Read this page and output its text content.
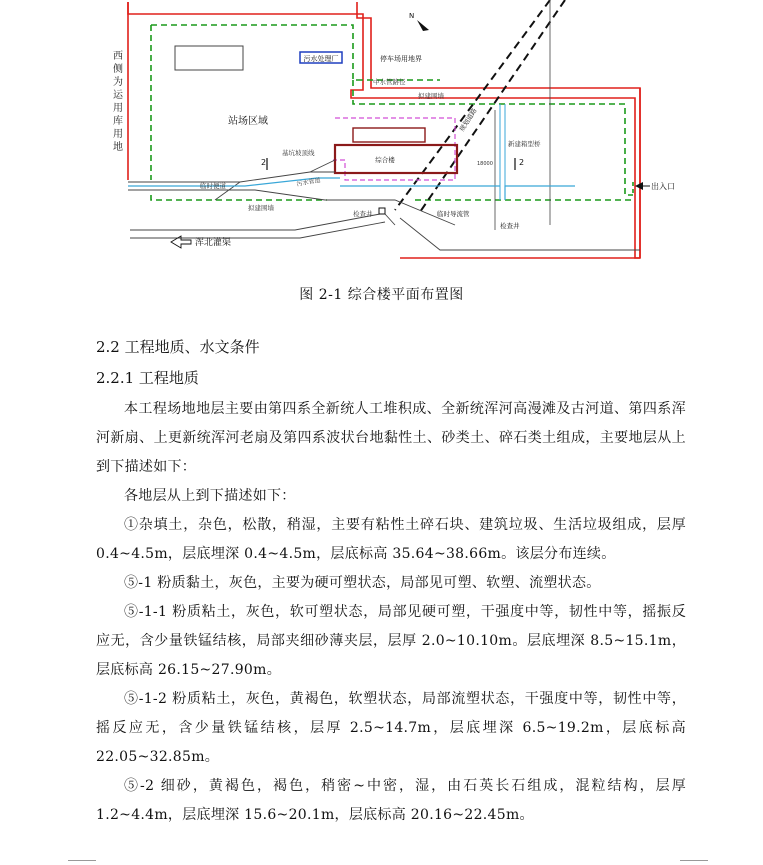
西
侧
为
运
用
库
用
地
污水处理厂
N
停车场用地界
中水管路径
拟建围墙
站场区域	规划道路
新建箱型桥
基坑坡顶线
综合楼	18000
2	2
临时便道	污水管道
拟建围墙
检查井	临时导流管
检查井
出入口
浑北灌渠
图 2-1 综合楼平面布置图
2.2 工程地质、水文条件
2.2.1 工程地质

本工程场地地层主要由第四系全新统人工堆积成、全新统浑河高漫滩及古河道、第四系浑河新扇、上更新统浑河老扇及第四系波状台地黏性土、砂类土、碎石类土组成，主要地层从上到下描述如下：

各地层从上到下描述如下：

①杂填土，杂色，松散，稍湿，主要有粘性土碎石块、建筑垃圾、生活垃圾组成，层厚 0.4~4.5m，层底埋深 0.4~4.5m，层底标高 35.64~38.66m。该层分布连续。

⑤-1 粉质黏土，灰色，主要为硬可塑状态，局部见可塑、软塑、流塑状态。

⑤-1-1 粉质粘土，灰色，软可塑状态，局部见硬可塑，干强度中等，韧性中等，摇振反应无，含少量铁锰结核，局部夹细砂薄夹层，层厚 2.0~10.10m。层底埋深 8.5~15.1m，层底标高 26.15~27.90m。

⑤-1-2 粉质粘土，灰色，黄褐色，软塑状态，局部流塑状态，干强度中等，韧性中等，摇反应无，含少量铁锰结核，层厚 2.5~14.7m，层底埋深 6.5~19.2m，层底标高 22.05~32.85m。

⑤-2 细砂，黄褐色，褐色，稍密~中密，湿，由石英长石组成，混粒结构，层厚 1.2~4.4m，层底埋深 15.6~20.1m，层底标高 20.16~22.45m。
